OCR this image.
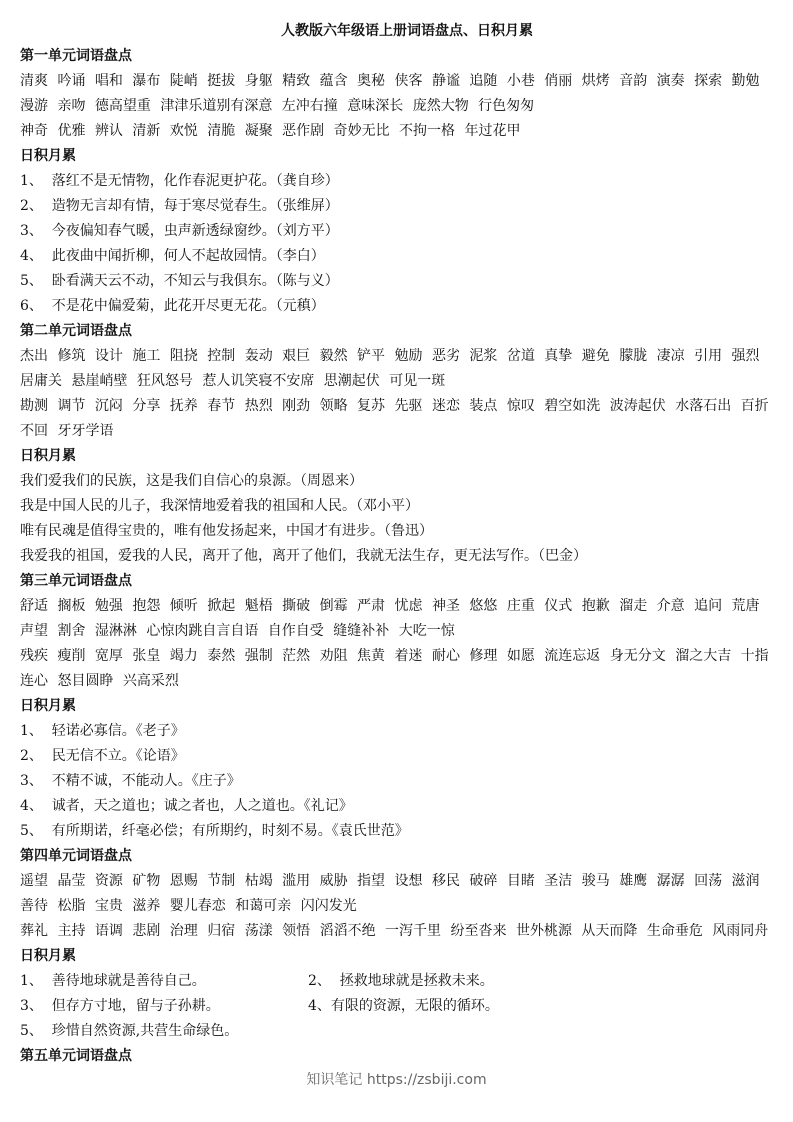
人教版六年级语上册词语盘点、日积月累
第一单元词语盘点
清爽 吟诵 唱和 瀑布 陡峭 挺拔 身躯 精致 蕴含 奥秘 侠客 静谧 追随 小巷 俏丽 烘烤 音韵 演奏 探索 勤勉 漫游 亲吻 德高望重 津津乐道别有深意 左冲右撞 意味深长 庞然大物 行色匆匆
神奇 优雅 辨认 清新 欢悦 清脆 凝聚 恶作剧 奇妙无比 不拘一格 年过花甲
日积月累
1、  落红不是无情物，化作春泥更护花。（龚自珍）
2、  造物无言却有情，每于寒尽觉春生。（张维屏）
3、  今夜偏知春气暖，虫声新透绿窗纱。（刘方平）
4、  此夜曲中闻折柳，何人不起故园情。（李白）
5、  卧看满天云不动，不知云与我俱东。（陈与义）
6、  不是花中偏爱菊，此花开尽更无花。（元稹）
第二单元词语盘点
杰出 修筑 设计 施工 阻挠 控制 轰动 艰巨 毅然 铲平 勉励 恶劣 泥浆 岔道 真挚 避免 朦胧 凄凉 引用 强烈 居庸关 悬崖峭壁 狂风怒号 惹人讥笑寝不安席 思潮起伏 可见一斑
勘测 调节 沉闷 分享 抚养 春节 热烈 刚劲 领略 复苏 先驱 迷恋 装点 惊叹 碧空如洗 波涛起伏 水落石出 百折不回 牙牙学语
日积月累
我们爱我们的民族，这是我们自信心的泉源。（周恩来）
我是中国人民的儿子，我深情地爱着我的祖国和人民。（邓小平）
唯有民魂是值得宝贵的，唯有他发扬起来，中国才有进步。（鲁迅）
我爱我的祖国，爱我的人民，离开了他，离开了他们，我就无法生存，更无法写作。（巴金）
第三单元词语盘点
舒适 搁板 勉强 抱怨 倾听 掀起 魁梧 撕破 倒霉 严肃 忧虑 神圣 悠悠 庄重 仪式 抱歉 溜走 介意 追问 荒唐 声望 割舍 湿淋淋 心惊肉跳自言自语 自作自受 缝缝补补 大吃一惊
残疾 瘦削 宽厚 张皇 竭力 泰然 强制 茫然 劝阻 焦黄 着迷 耐心 修理 如愿 流连忘返 身无分文 溜之大吉 十指连心 怒目圆睁 兴高采烈
日积月累
1、  轻诺必寡信。《老子》
2、  民无信不立。《论语》
3、  不精不诚，不能动人。《庄子》
4、  诚者，天之道也；诚之者也，人之道也。《礼记》
5、  有所期诺，纤毫必偿；有所期约，时刻不易。《袁氏世范》
第四单元词语盘点
遥望 晶莹 资源 矿物 恩赐 节制 枯竭 滥用 威胁 指望 设想 移民 破碎 目睹 圣洁 骏马 雄鹰 潺潺 回荡 滋润 善待 松脂 宝贵 滋养 婴儿春恋 和蔼可亲 闪闪发光
葬礼 主持 语调 悲剧 治理 归宿 荡漾 领悟 滔滔不绝 一泻千里 纷至沓来 世外桃源 从天而降 生命垂危 风雨同舟
日积月累
1、  善待地球就是善待自己。	2、  拯救地球就是拯救未来。
3、  但存方寸地，留与子孙耕。	4、有限的资源，无限的循环。
5、  珍惜自然资源,共营生命绿色。
第五单元词语盘点
知识笔记 https://zsbiji.com
